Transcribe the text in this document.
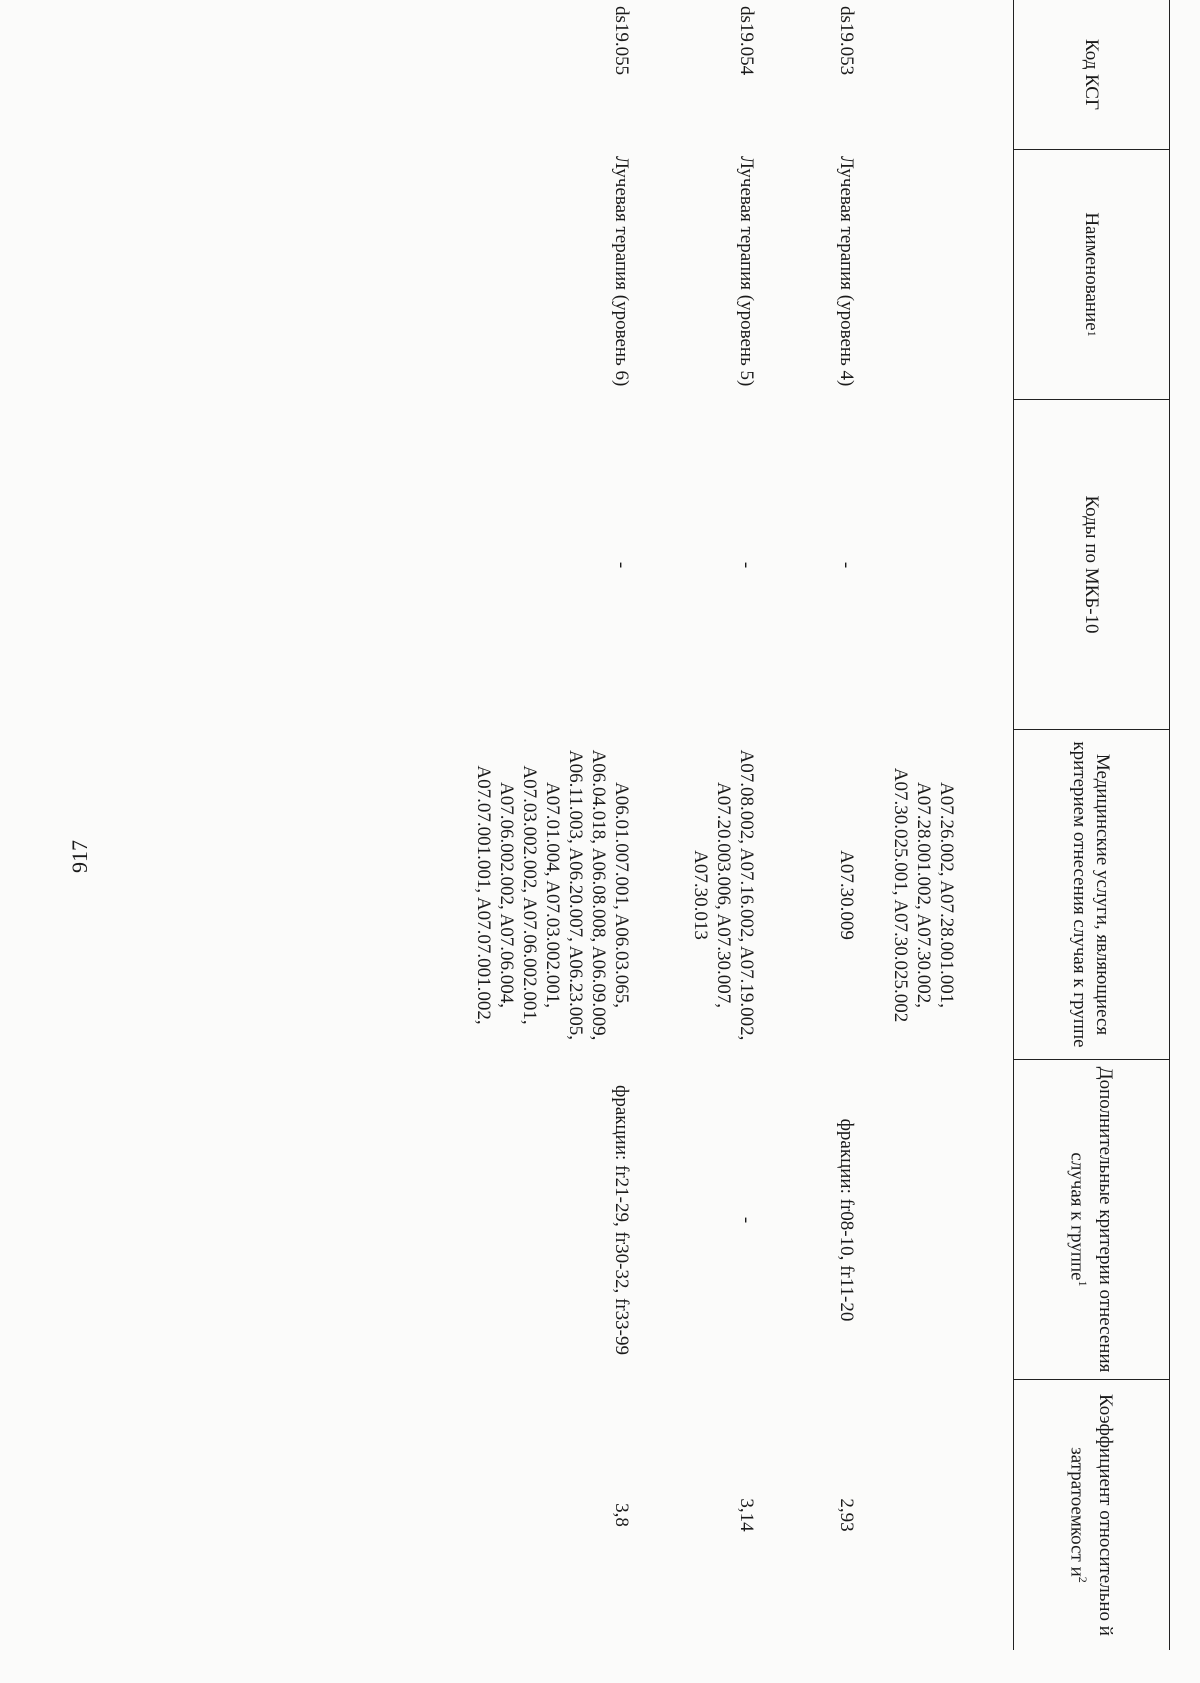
917
Код КСГ
Наименование
1
Коды по МКБ-10
Медицинские услуги, являющиеся критерием отнесения случая к группе
Дополнительные критерии отнесения случая к группе$^1$
Коэффициент относительно й затратоемкост $и^2$
A07.26.002, A07.28.001.001, A07.28.001.002, A07.30.002, A07.30.025.001, A07.30.025.002
ds19.053
Лучевая терапия (уровень 4)
-
A07.30.009
фракции: fr08-10, fr11-20
2,93
ds19.054
Лучевая терапия (уровень 5)
-
A07.08.002, A07.16.002, A07.19.002, A07.20.003.006, A07.30.007, A07.30.013
-
3,14
ds19.055
Лучевая терапия (уровень 6)
-
A06.01.007.001, A06.03.065, A06.04.018, A06.08.008, A06.09.009, A06.11.003, A06.20.007, A06.23.005, A07.01.004, A07.03.002.001, A07.03.002.002, A07.06.002.001, A07.06.002.002, A07.06.004, A07.07.001.001, A07.07.001.002,
фракции: fr21-29, fr30-32, fr33-99
3,8
